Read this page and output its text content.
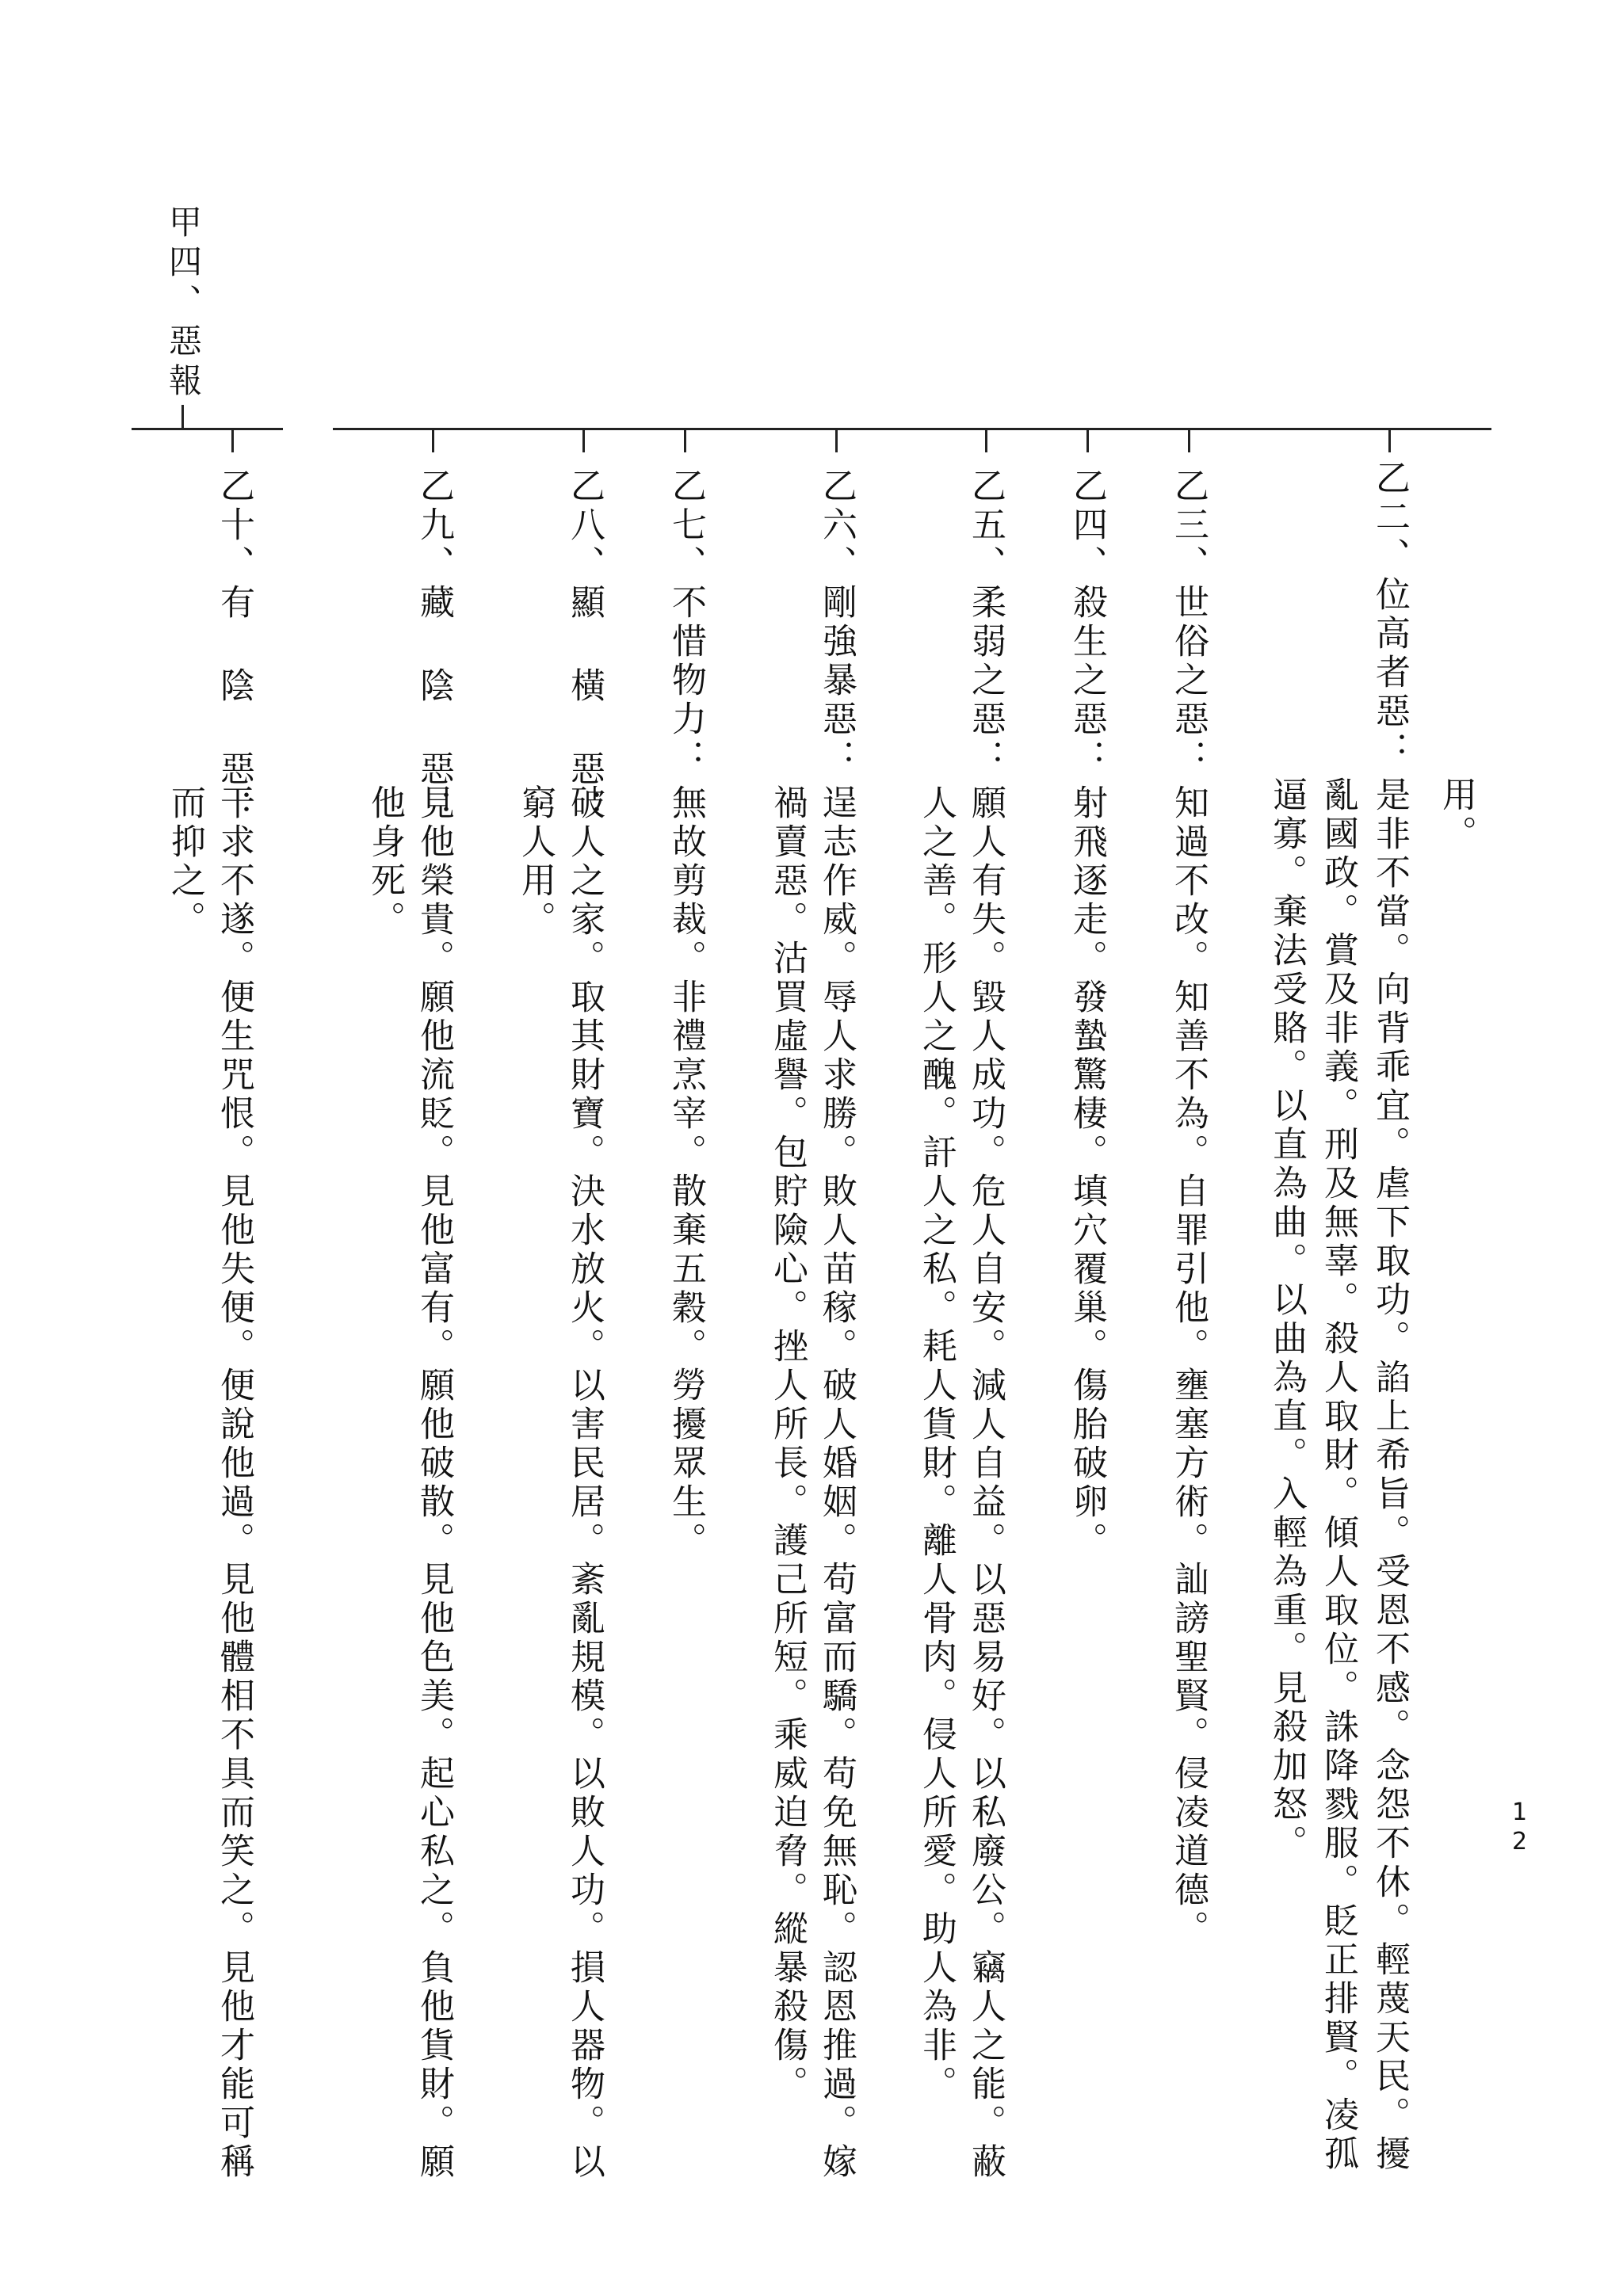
甲四、惡報
用。
乙二、位高者惡：
是非不當。向背乖宜。虐下取功。諂上希旨。受恩不感。念怨不休。輕蔑天民。擾
亂國政。賞及非義。刑及無辜。殺人取財。傾人取位。誅降戮服。貶正排賢。凌孤
逼寡。棄法受賂。以直為曲。以曲為直。入輕為重。見殺加怒。
乙三、世俗之惡：
知過不改。知善不為。自罪引他。壅塞方術。訕謗聖賢。侵凌道德。
乙四、殺生之惡：
射飛逐走。發蟄驚棲。填穴覆巢。傷胎破卵。
乙五、柔弱之惡：
願人有失。毀人成功。危人自安。減人自益。以惡易好。以私廢公。竊人之能。蔽
人之善。形人之醜。訐人之私。耗人貨財。離人骨肉。侵人所愛。助人為非。
乙六、剛強暴惡：
逞志作威。辱人求勝。敗人苗稼。破人婚姻。苟富而驕。苟免無恥。認恩推過。嫁
禍賣惡。沽買虛譽。包貯險心。挫人所長。護己所短。乘威迫脅。縱暴殺傷。
乙七、不惜物力：
無故剪裁。非禮烹宰。散棄五穀。勞擾眾生。
乙八、顯 橫 惡：
破人之家。取其財寶。決水放火。以害民居。紊亂規模。以敗人功。損人器物。以
窮人用。
乙九、藏 陰 惡：
見他榮貴。願他流貶。見他富有。願他破散。見他色美。起心私之。負他貨財。願
他身死。
乙十、有 陰 惡：
干求不遂。便生咒恨。見他失便。便說他過。見他體相不具而笑之。見他才能可稱
而抑之。
12
